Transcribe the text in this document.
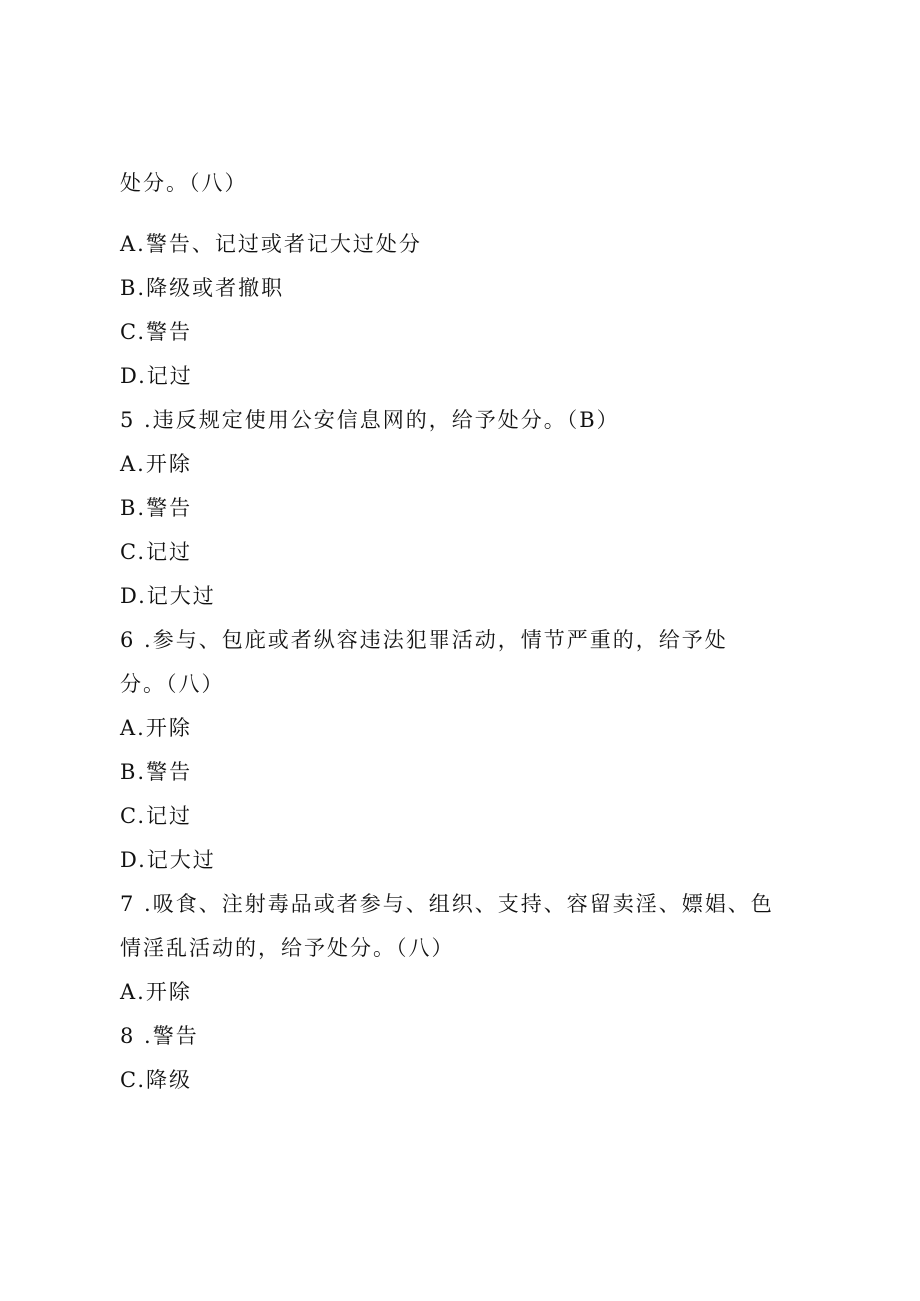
处分。（八）
A.警告、记过或者记大过处分
B.降级或者撤职
C.警告
D.记过
5 .违反规定使用公安信息网的，给予处分。（B）
A.开除
B.警告
C.记过
D.记大过
6 .参与、包庇或者纵容违法犯罪活动，情节严重的，给予处
分。（八）
A.开除
B.警告
C.记过
D.记大过
7 .吸食、注射毒品或者参与、组织、支持、容留卖淫、嫖娼、色
情淫乱活动的，给予处分。（八）
A.开除
8 .警告
C.降级
